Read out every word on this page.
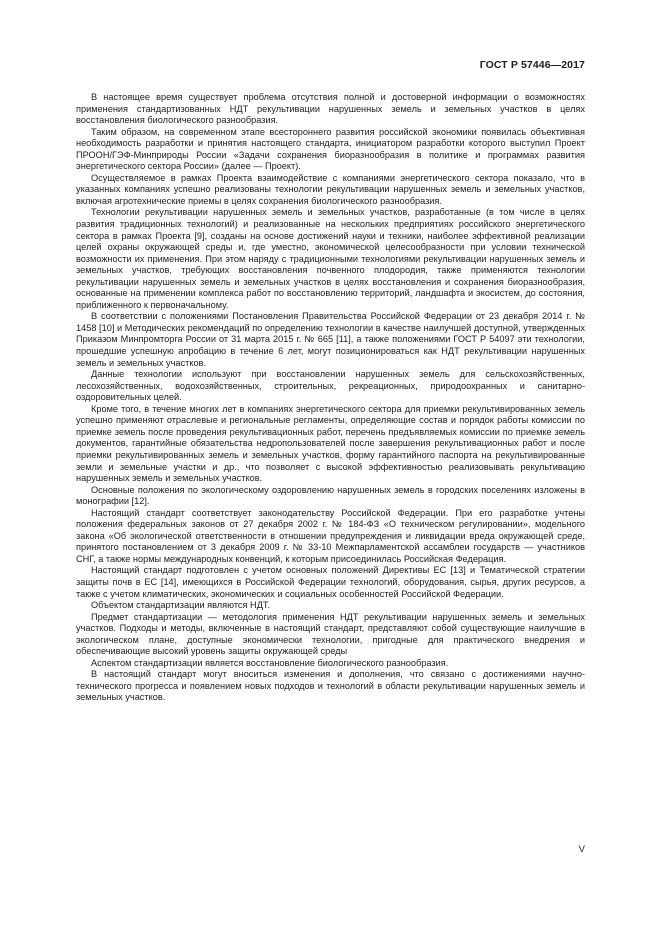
ГОСТ Р 57446—2017

В настоящее время существует проблема отсутствия полной и достоверной информации о возможностях применения стандартизованных НДТ рекультивации нарушенных земель и земельных участков в целях восстановления биологического разнообразия.

Таким образом, на современном этапе всестороннего развития российской экономики появилась объективная необходимость разработки и принятия настоящего стандарта, инициатором разработки которого выступил Проект ПРООН/ГЭФ-Минприроды России «Задачи сохранения биоразнообразия в политике и программах развития энергетического сектора России» (далее — Проект).

Осуществляемое в рамках Проекта взаимодействие с компаниями энергетического сектора показало, что в указанных компаниях успешно реализованы технологии рекультивации нарушенных земель и земельных участков, включая агротехнические приемы в целях сохранения биологического разнообразия.

Технологии рекультивации нарушенных земель и земельных участков, разработанные (в том числе в целях развития традиционных технологий) и реализованные на нескольких предприятиях российского энергетического сектора в рамках Проекта [9], созданы на основе достижений науки и техники, наиболее эффективной реализации целей охраны окружающей среды и, где уместно, экономической целесообразности при условии технической возможности их применения. При этом наряду с традиционными технологиями рекультивации нарушенных земель и земельных участков, требующих восстановления почвенного плодородия, также применяются технологии рекультивации нарушенных земель и земельных участков в целях восстановления и сохранения биоразнообразия, основанные на применении комплекса работ по восстановлению территорий, ландшафта и экосистем, до состояния, приближенного к первоначальному.

В соответствии с положениями Постановления Правительства Российской Федерации от 23 декабря 2014 г. № 1458 [10] и Методических рекомендаций по определению технологии в качестве наилучшей доступной, утвержденных Приказом Минпромторга России от 31 марта 2015 г. № 665 [11], а также положениями ГОСТ Р 54097 эти технологии, прошедшие успешную апробацию в течение 6 лет, могут позиционироваться как НДТ рекультивации нарушенных земель и земельных участков.

Данные технологии используют при восстановлении нарушенных земель для сельскохозяйственных, лесохозяйственных, водохозяйственных, строительных, рекреационных, природоохранных и санитарно-оздоровительных целей.

Кроме того, в течение многих лет в компаниях энергетического сектора для приемки рекультивированных земель успешно применяют отраслевые и региональные регламенты, определяющие состав и порядок работы комиссии по приемке земель после проведения рекультивационных работ, перечень предъявляемых комиссии по приемке земель документов, гарантийные обязательства недропользователей после завершения рекультивационных работ и после приемки рекультивированных земель и земельных участков, форму гарантийного паспорта на рекультивированные земли и земельные участки и др., что позволяет с высокой эффективностью реализовывать рекультивацию нарушенных земель и земельных участков.

Основные положения по экологическому оздоровлению нарушенных земель в городских поселениях изложены в монографии [12].

Настоящий стандарт соответствует законодательству Российской Федерации. При его разработке учтены положения федеральных законов от 27 декабря 2002 г. № 184-ФЗ «О техническом регулировании», модельного закона «Об экологической ответственности в отношении предупреждения и ликвидации вреда окружающей среде, принятого постановлением от 3 декабря 2009 г. № 33-10 Межпарламентской ассамблеи государств — участников СНГ, а также нормы международных конвенций, к которым присоединилась Российская Федерация.

Настоящий стандарт подготовлен с учетом основных положений Директивы ЕС [13] и Тематической стратегии защиты почв в ЕС [14], имеющихся в Российской Федерации технологий, оборудования, сырья, других ресурсов, а также с учетом климатических, экономических и социальных особенностей Российской Федерации.

Объектом стандартизации являются НДТ.

Предмет стандартизации — методология применения НДТ рекультивации нарушенных земель и земельных участков. Подходы и методы, включенные в настоящий стандарт, представляют собой существующие наилучшие в экологическом плане, доступные экономически технологии, пригодные для практического внедрения и обеспечивающие высокий уровень защиты окружающей среды

Аспектом стандартизации является восстановление биологического разнообразия.

В настоящий стандарт могут вноситься изменения и дополнения, что связано с достижениями научно-технического прогресса и появлением новых подходов и технологий в области рекультивации нарушенных земель и земельных участков.

V
